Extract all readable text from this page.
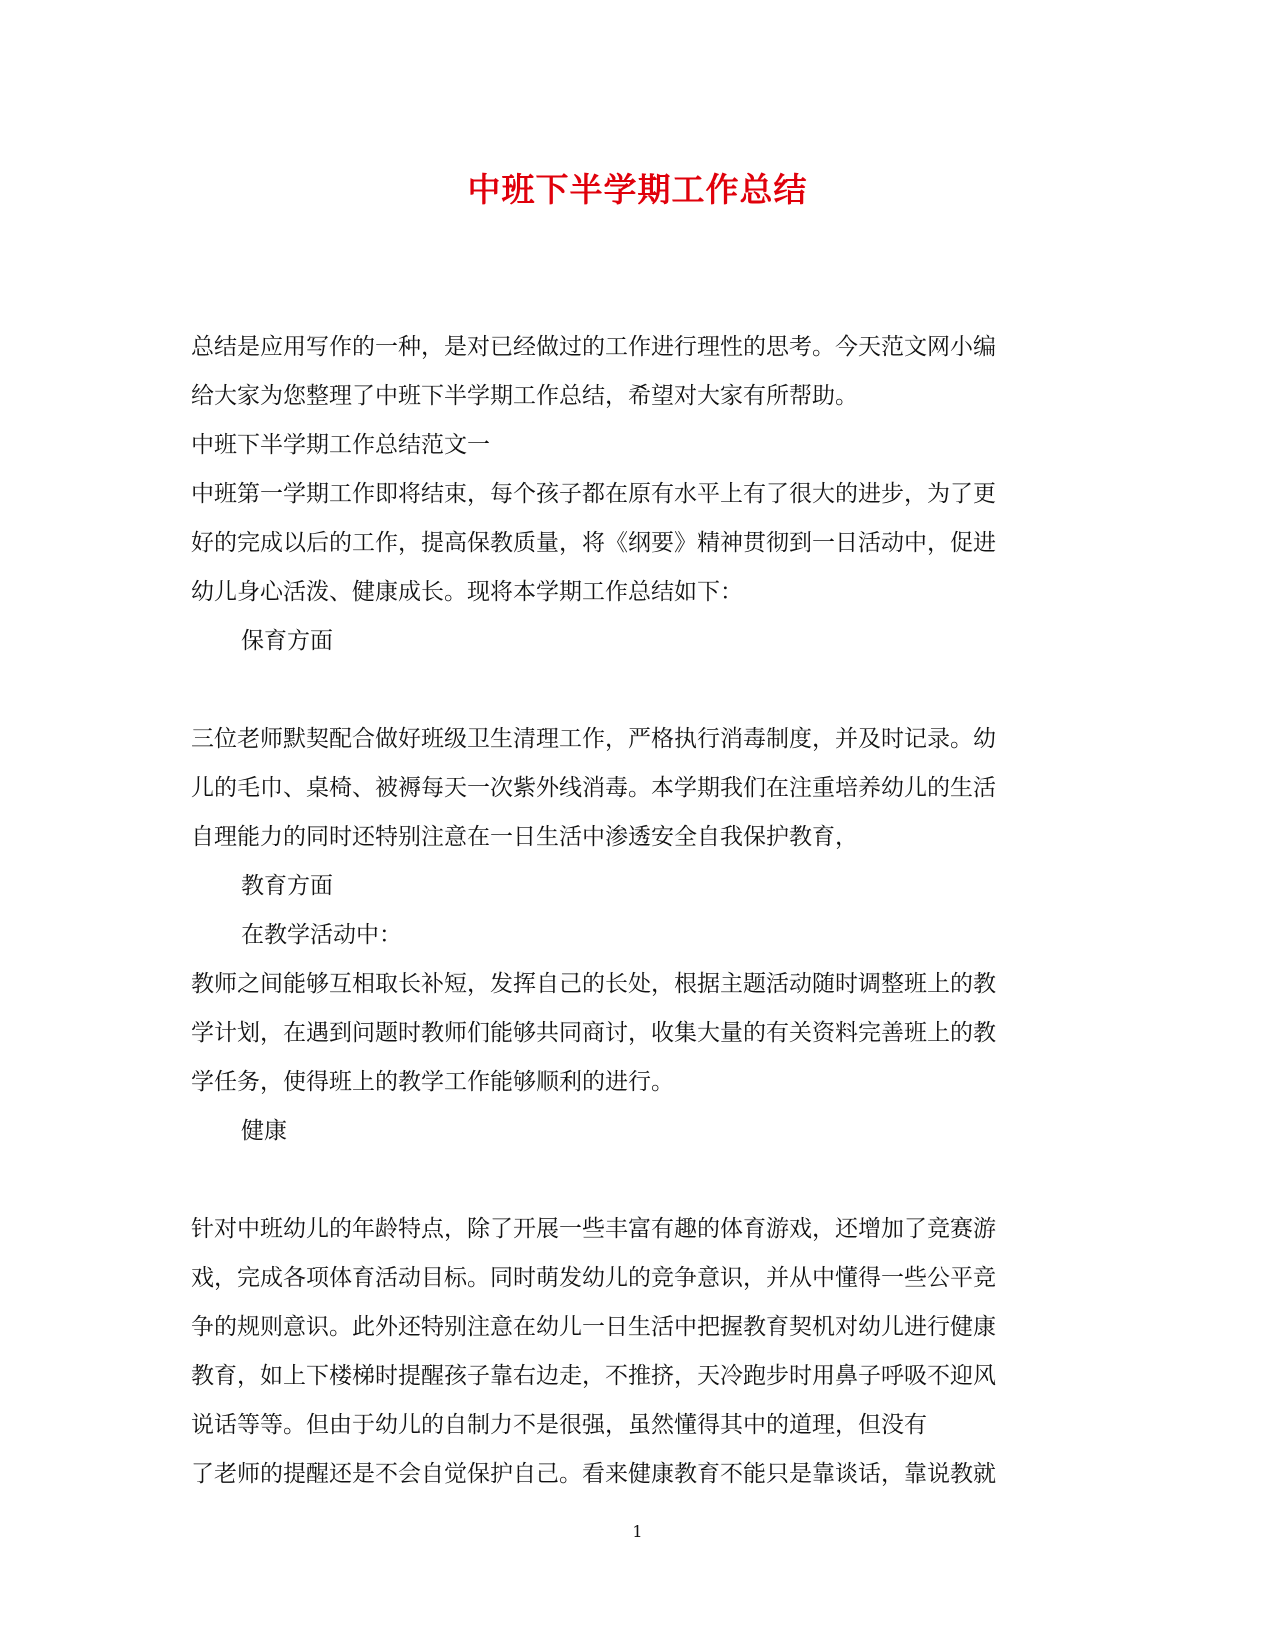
中班下半学期工作总结

总结是应用写作的一种，是对已经做过的工作进行理性的思考。今天范文网小编

给大家为您整理了中班下半学期工作总结，希望对大家有所帮助。

中班下半学期工作总结范文一

中班第一学期工作即将结束，每个孩子都在原有水平上有了很大的进步，为了更

好的完成以后的工作，提高保教质量，将《纲要》精神贯彻到一日活动中，促进

幼儿身心活泼、健康成长。现将本学期工作总结如下：

保育方面

三位老师默契配合做好班级卫生清理工作，严格执行消毒制度，并及时记录。幼

儿的毛巾、桌椅、被褥每天一次紫外线消毒。本学期我们在注重培养幼儿的生活

自理能力的同时还特别注意在一日生活中渗透安全自我保护教育，

教育方面

在教学活动中：

教师之间能够互相取长补短，发挥自己的长处，根据主题活动随时调整班上的教

学计划，在遇到问题时教师们能够共同商讨，收集大量的有关资料完善班上的教

学任务，使得班上的教学工作能够顺利的进行。

健康

针对中班幼儿的年龄特点，除了开展一些丰富有趣的体育游戏，还增加了竞赛游

戏，完成各项体育活动目标。同时萌发幼儿的竞争意识，并从中懂得一些公平竞

争的规则意识。此外还特别注意在幼儿一日生活中把握教育契机对幼儿进行健康

教育，如上下楼梯时提醒孩子靠右边走，不推挤，天冷跑步时用鼻子呼吸不迎风

说话等等。但由于幼儿的自制力不是很强，虽然懂得其中的道理，但没有

了老师的提醒还是不会自觉保护自己。看来健康教育不能只是靠谈话，靠说教就

1
